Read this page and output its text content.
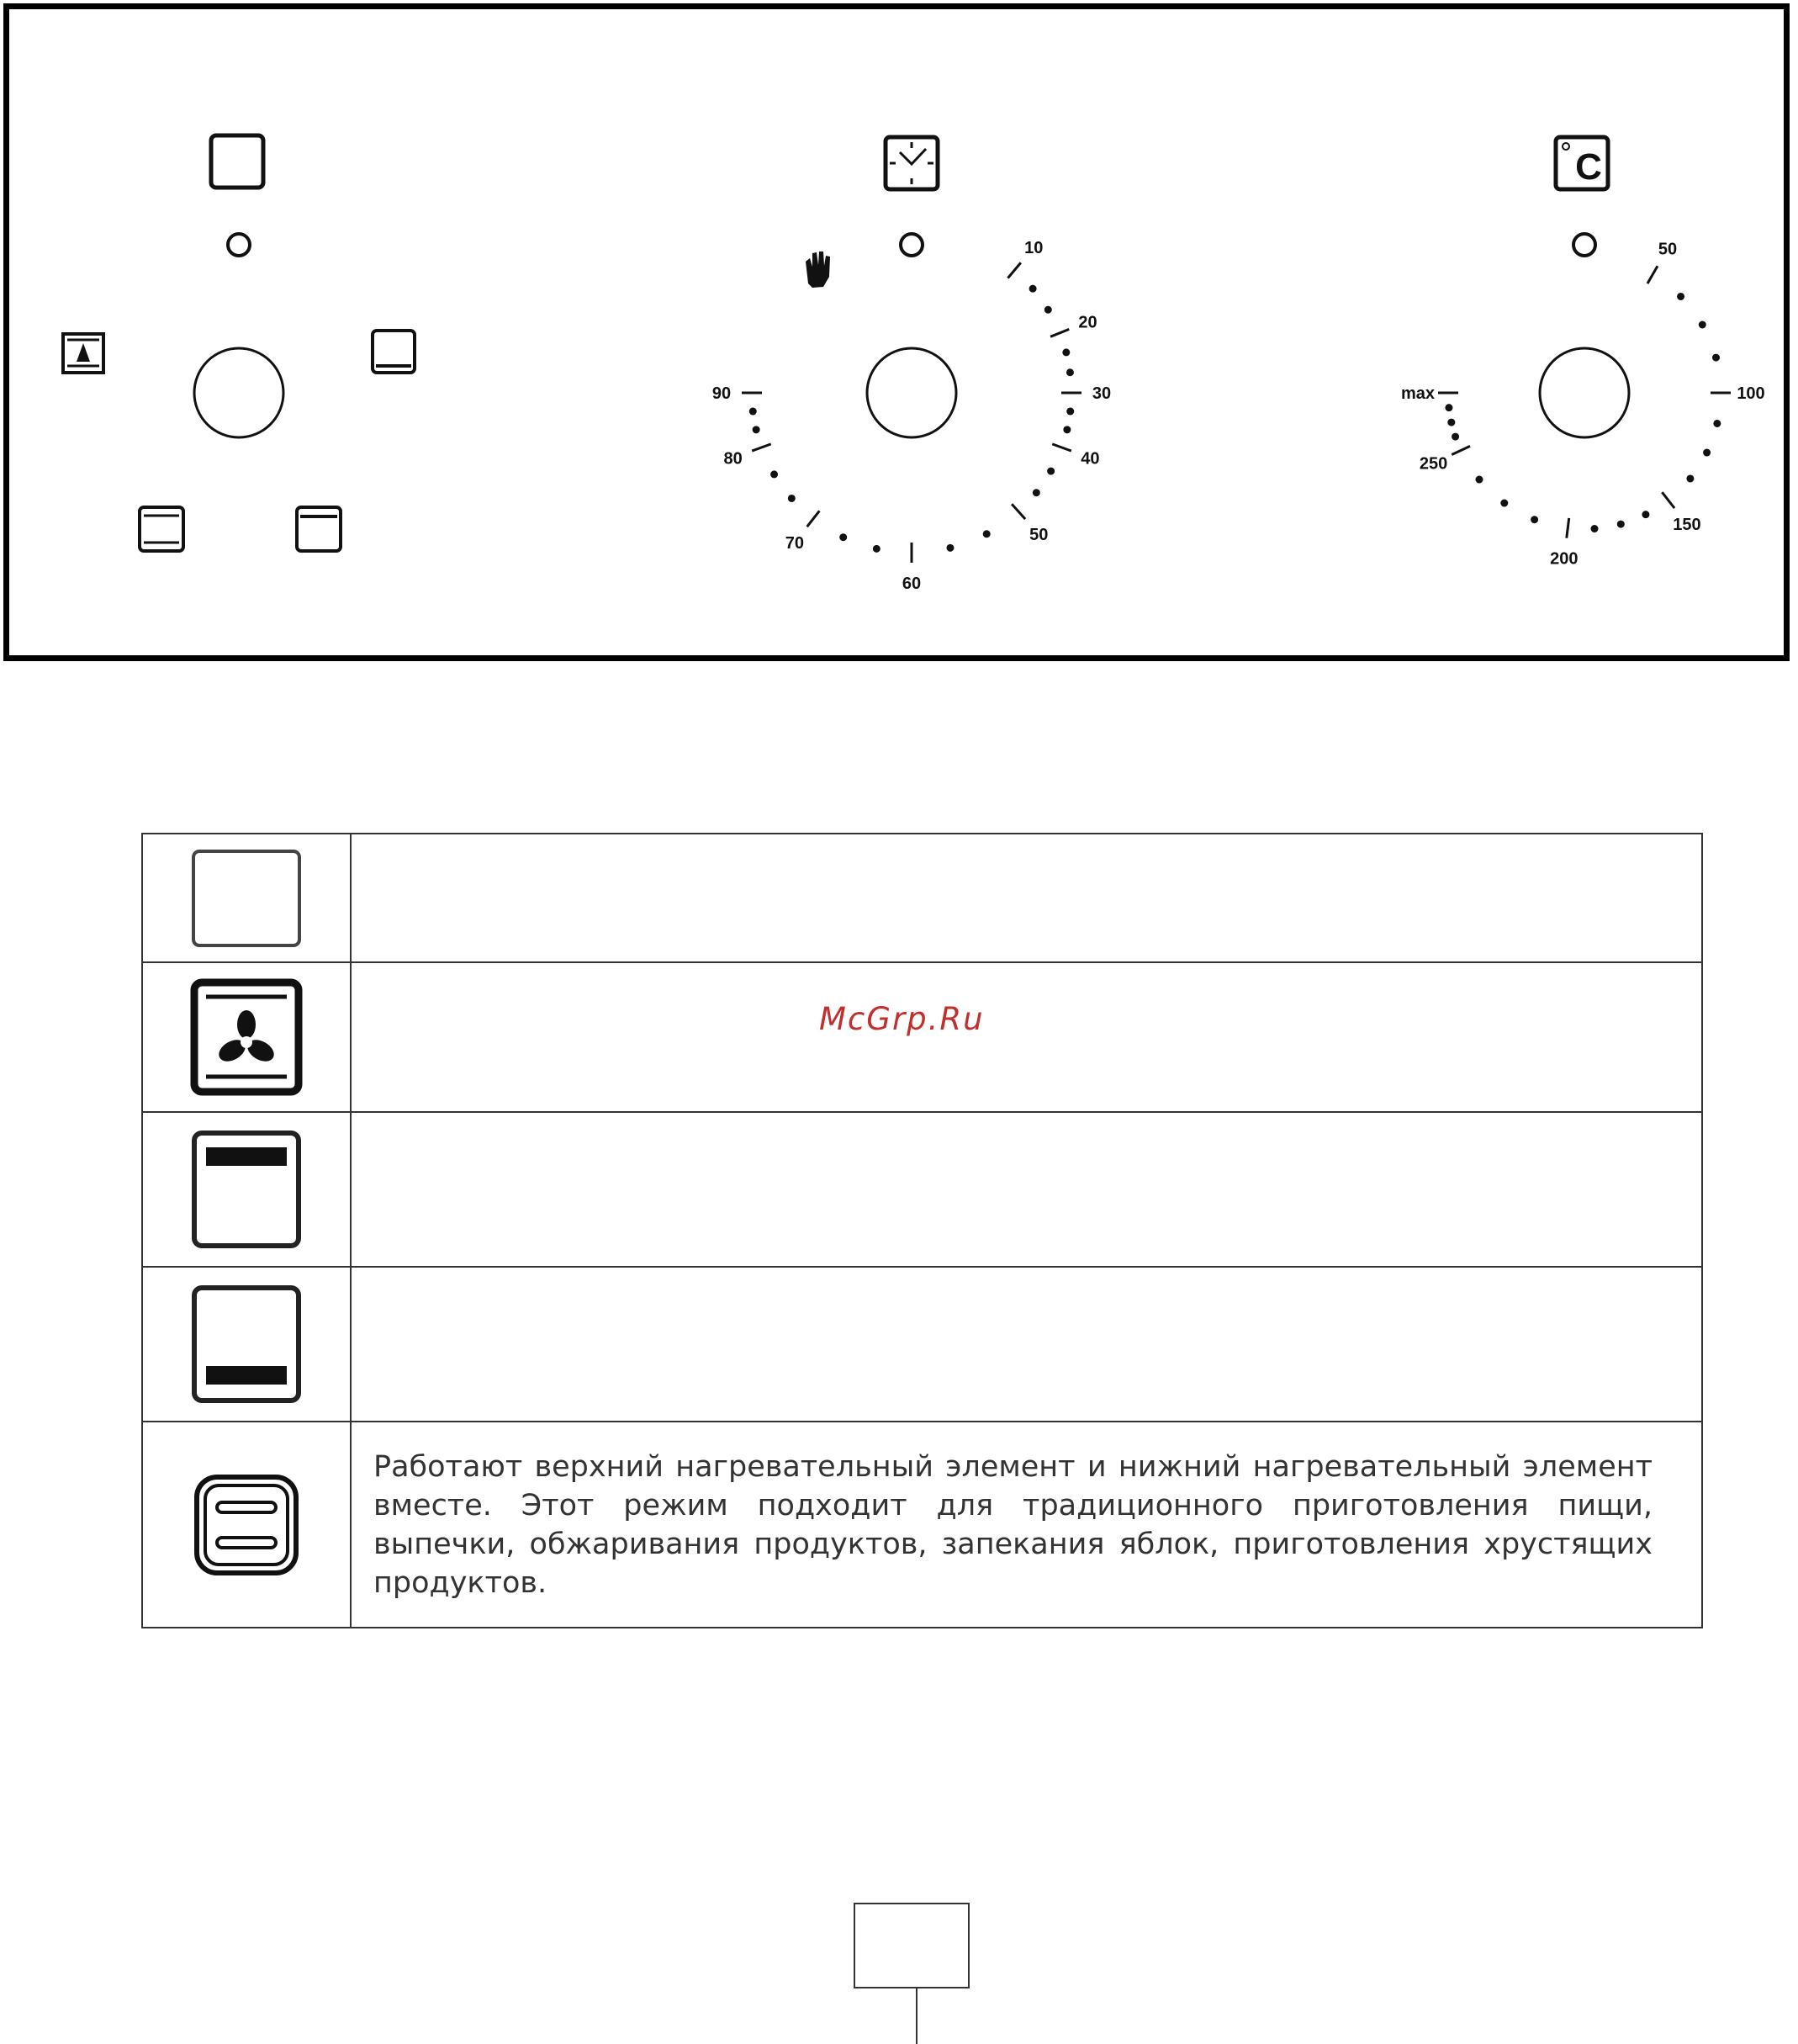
10
20
30
40
50
60
70
80
90
C
50
100
150
200
250
max

	Работают верхний нагревательный элемент и нижний нагревательный элемент вместе. Этот режим подходит для традиционного приготовления пищи, выпечки, обжаривания продуктов, запекания яблок, приготовления хрустящих продуктов.
McGrp.Ru
